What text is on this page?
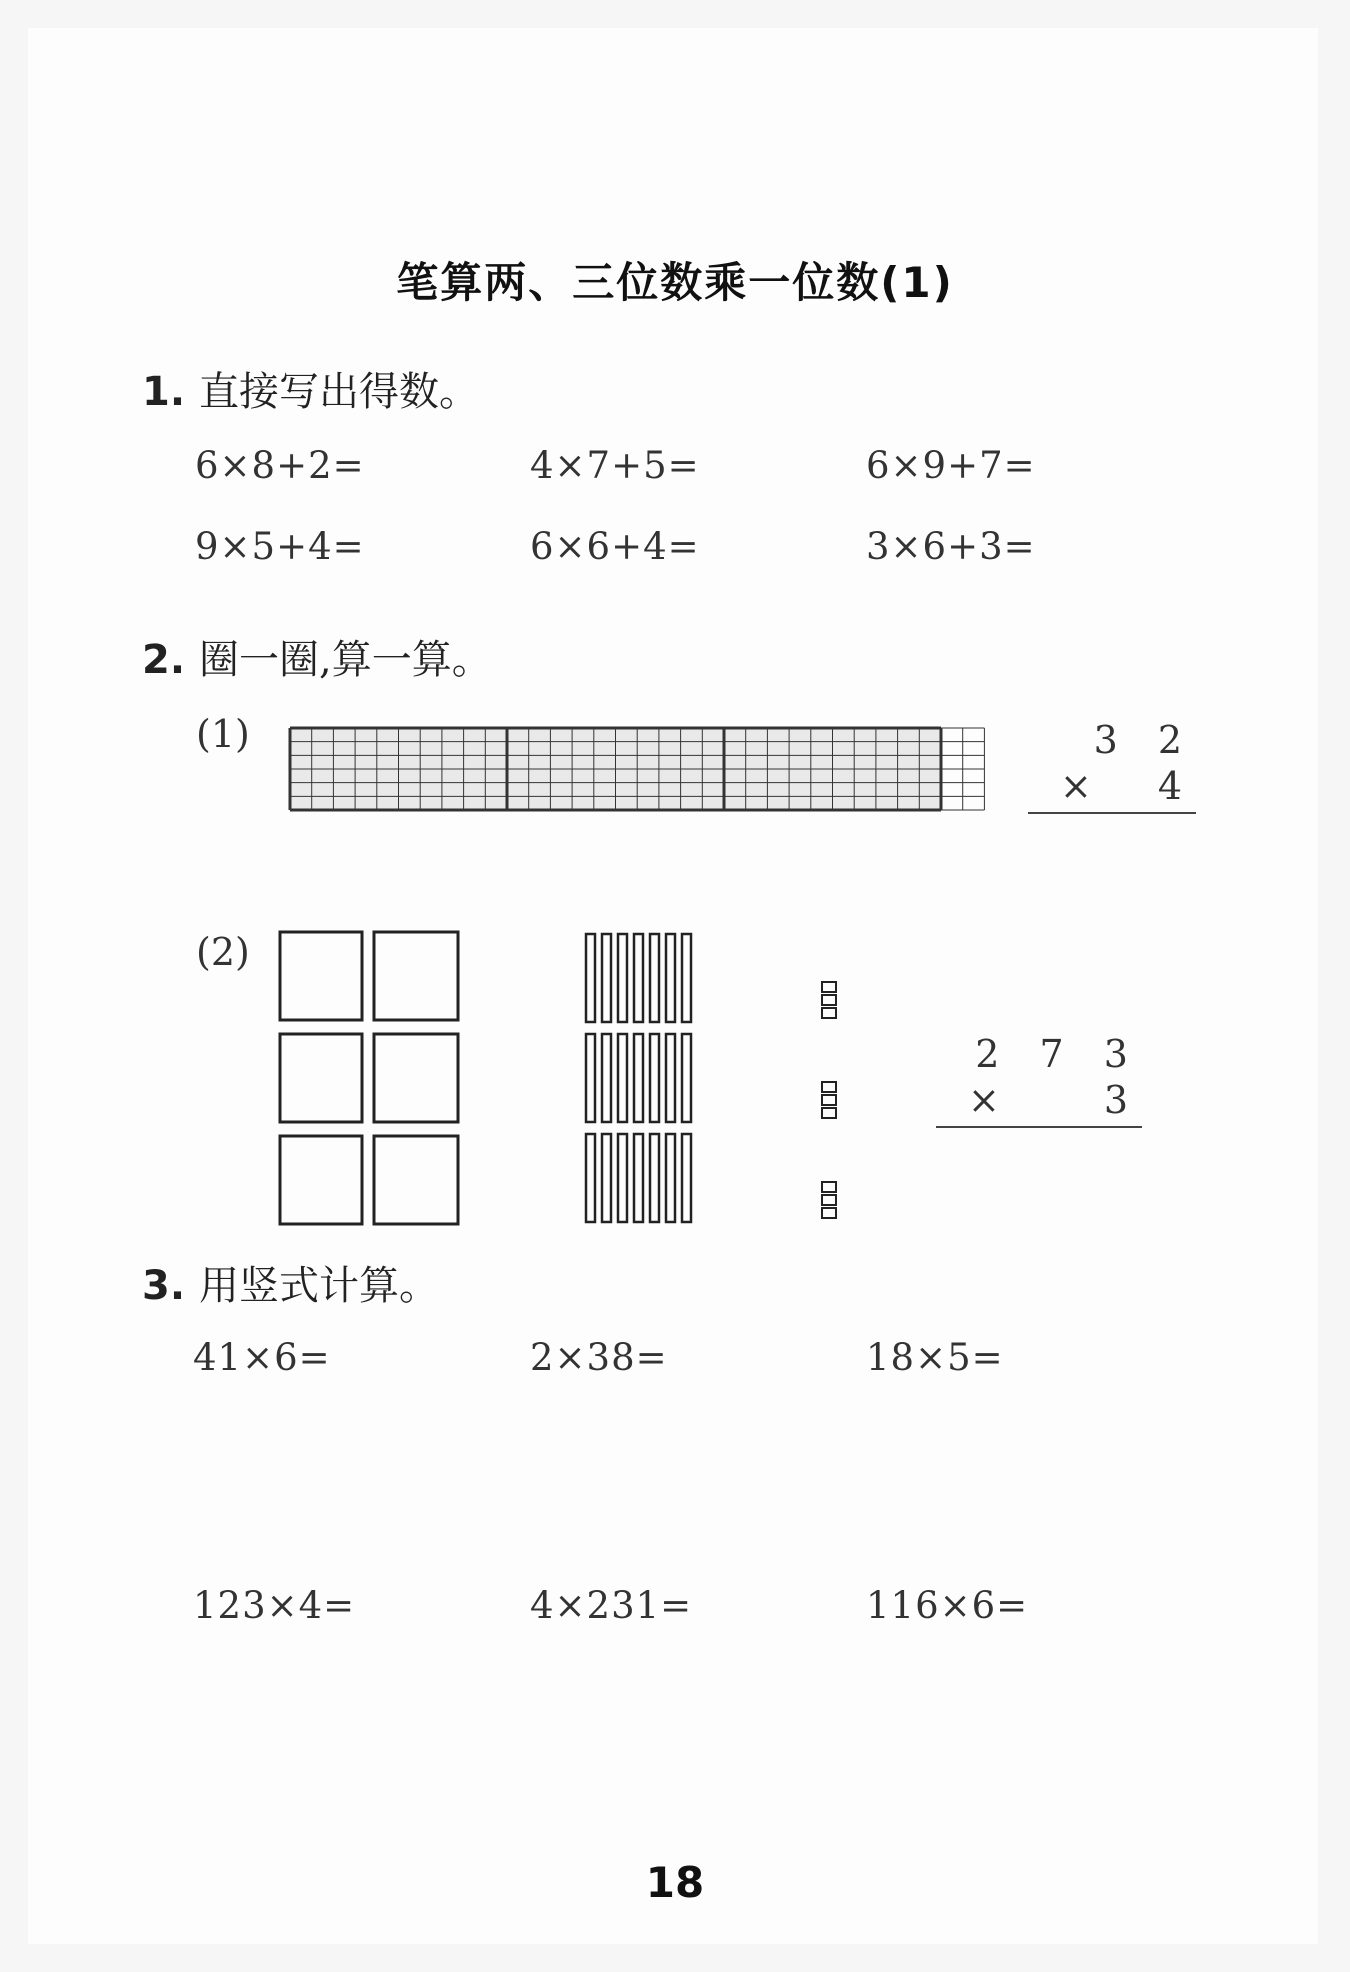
笔算两、三位数乘一位数(1)
1. 直接写出得数。
6×8+2=	4×7+5=	6×9+7=
9×5+4=	6×6+4=	3×6+3=
2. 圈一圈,算一算。
(1)	3 2
× 4
(2)
2 7 3
×	3
3. 用竖式计算。
41×6=	2×38=	18×5=
123×4=	4×231=	116×6=
18
